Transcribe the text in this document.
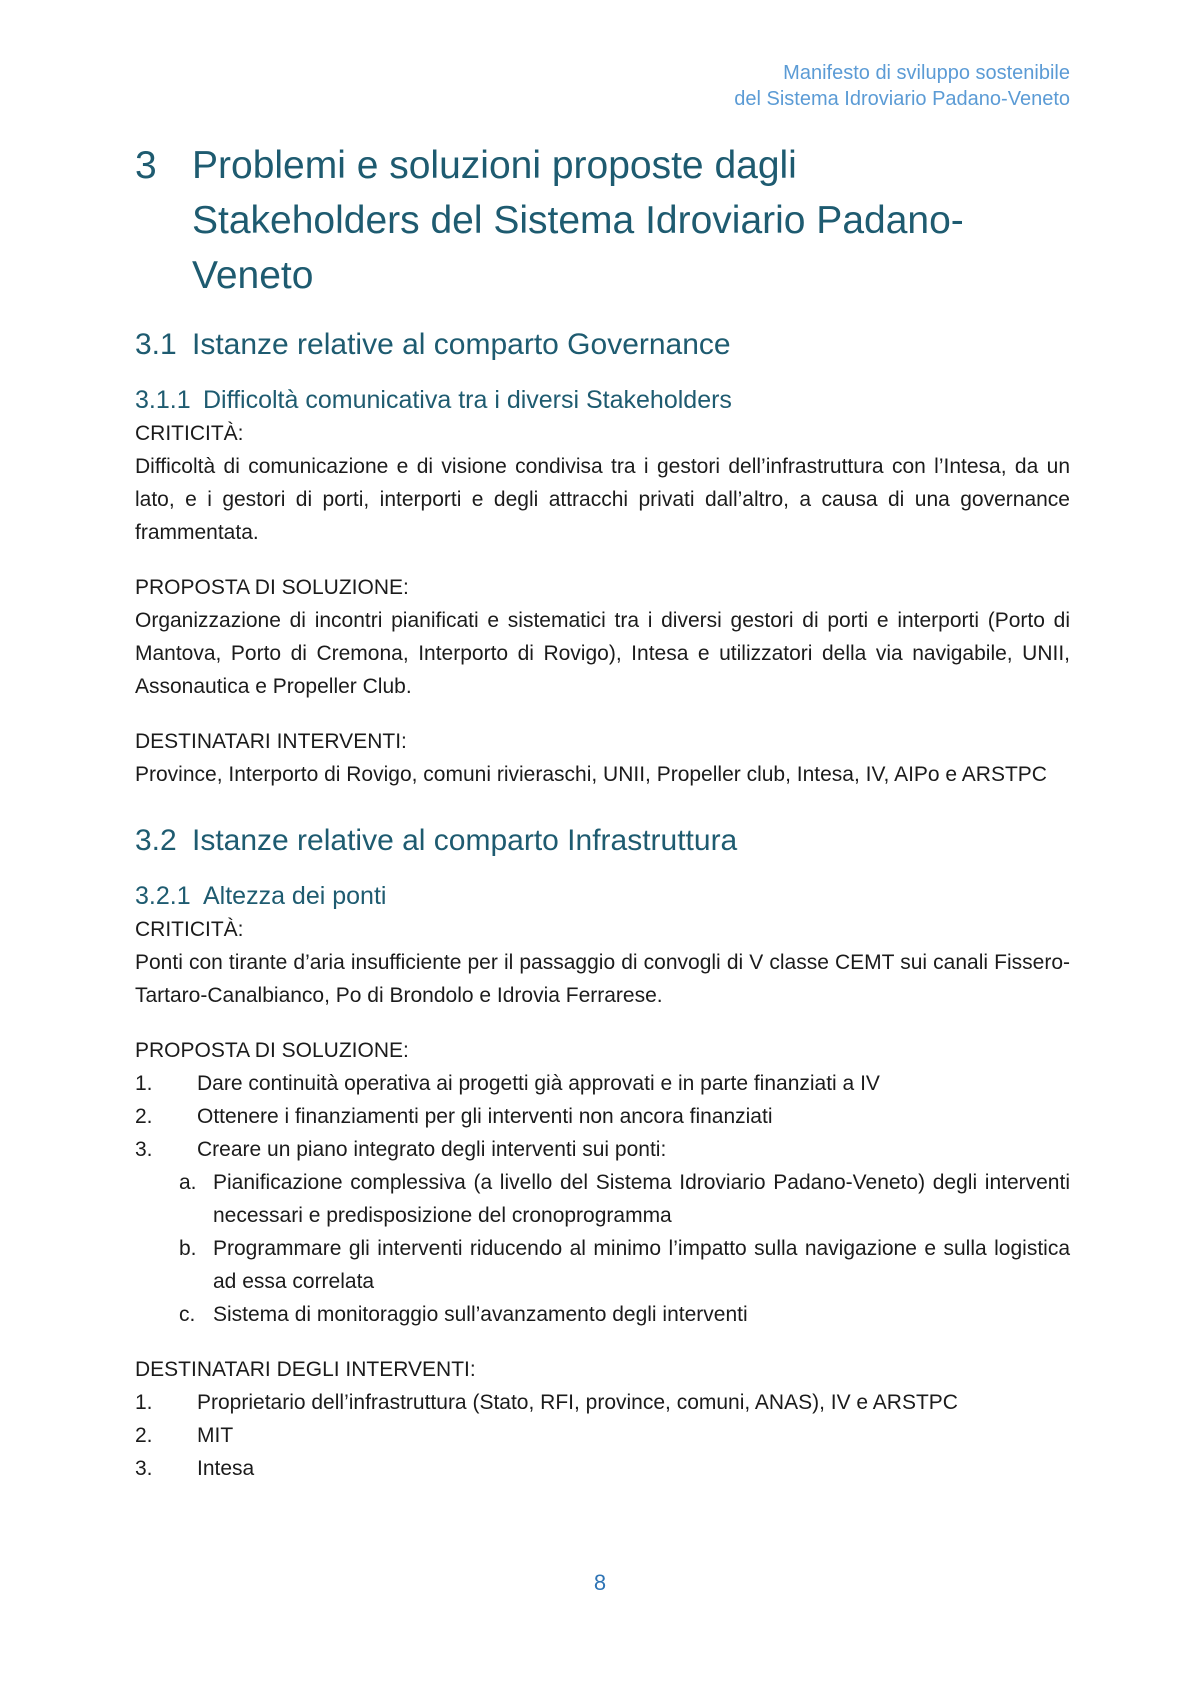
Manifesto di sviluppo sostenibile
del Sistema Idroviario Padano-Veneto
3 Problemi e soluzioni proposte dagli
Stakeholders del Sistema Idroviario Padano-
Veneto
3.1 Istanze relative al comparto Governance
3.1.1 Difficoltà comunicativa tra i diversi Stakeholders
CRITICITÀ:

Difficoltà di comunicazione e di visione condivisa tra i gestori dell’infrastruttura con l’Intesa, da un lato, e i gestori di porti, interporti e degli attracchi privati dall’altro, a causa di una governance frammentata.

PROPOSTA DI SOLUZIONE:

Organizzazione di incontri pianificati e sistematici tra i diversi gestori di porti e interporti (Porto di Mantova, Porto di Cremona, Interporto di Rovigo), Intesa e utilizzatori della via navigabile, UNII, Assonautica e Propeller Club.

DESTINATARI INTERVENTI:

Province, Interporto di Rovigo, comuni rivieraschi, UNII, Propeller club, Intesa, IV, AIPo e ARSTPC

3.2 Istanze relative al comparto Infrastruttura
3.2.1 Altezza dei ponti
CRITICITÀ:

Ponti con tirante d’aria insufficiente per il passaggio di convogli di V classe CEMT sui canali Fissero-Tartaro-Canalbianco, Po di Brondolo e Idrovia Ferrarese.

PROPOSTA DI SOLUZIONE:
1.	Dare continuità operativa ai progetti già approvati e in parte finanziati a IV
2.	Ottenere i finanziamenti per gli interventi non ancora finanziati
3.	Creare un piano integrato degli interventi sui ponti:
a. Pianificazione complessiva (a livello del Sistema Idroviario Padano-Veneto) degli interventi necessari e predisposizione del cronoprogramma
b. Programmare gli interventi riducendo al minimo l’impatto sulla navigazione e sulla logistica ad essa correlata
c. Sistema di monitoraggio sull’avanzamento degli interventi
DESTINATARI DEGLI INTERVENTI:
1.	Proprietario dell’infrastruttura (Stato, RFI, province, comuni, ANAS), IV e ARSTPC
2.	MIT
3.	Intesa
8
